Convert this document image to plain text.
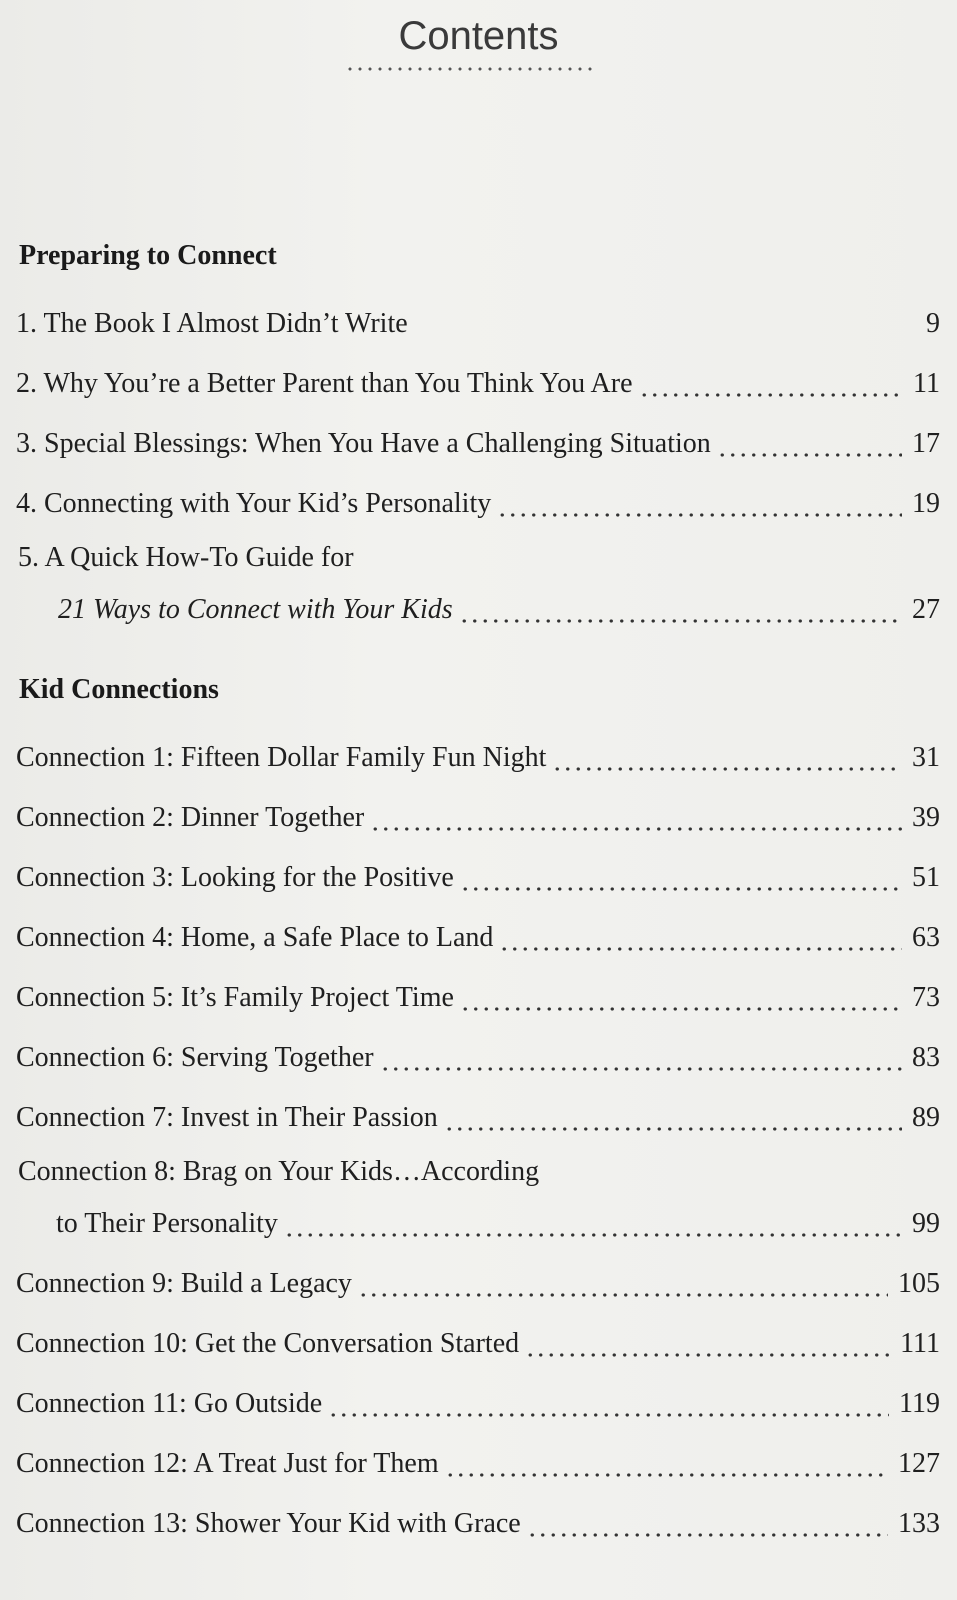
Contents
Preparing to Connect
1. The Book I Almost Didn’t Write	9
2. Why You’re a Better Parent than You Think You Are	11
3. Special Blessings: When You Have a Challenging Situation	17
4. Connecting with Your Kid’s Personality	19
5. A Quick How-To Guide for
21 Ways to Connect with Your Kids	27
Kid Connections
Connection 1: Fifteen Dollar Family Fun Night	31
Connection 2: Dinner Together	39
Connection 3: Looking for the Positive	51
Connection 4: Home, a Safe Place to Land	63
Connection 5: It’s Family Project Time	73
Connection 6: Serving Together	83
Connection 7: Invest in Their Passion	89
Connection 8: Brag on Your Kids…According
to Their Personality	99
Connection 9: Build a Legacy	105
Connection 10: Get the Conversation Started	111
Connection 11: Go Outside	119
Connection 12: A Treat Just for Them	127
Connection 13: Shower Your Kid with Grace	133
